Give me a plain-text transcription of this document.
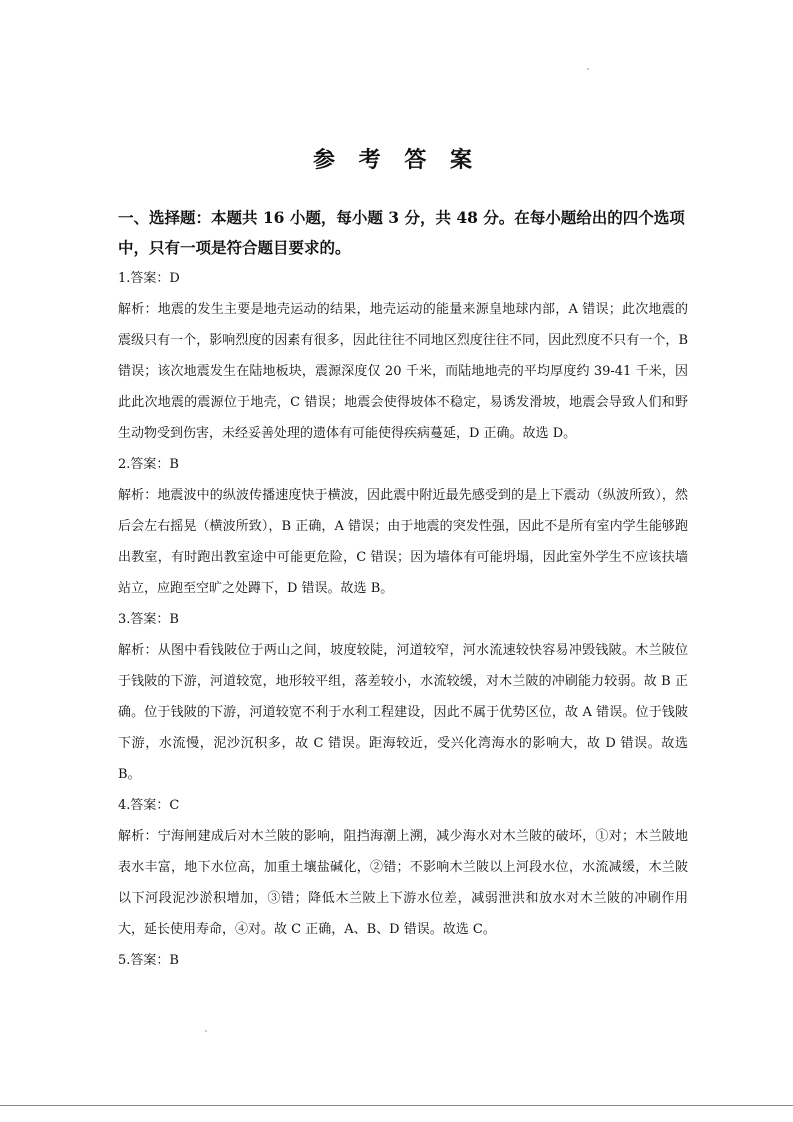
参 考 答 案
一、选择题：本题共 16 小题，每小题 3 分，共 48 分。在每小题给出的四个选项中，只有一项是符合题目要求的。

1.答案：D

解析：地震的发生主要是地壳运动的结果，地壳运动的能量来源皇地球内部，A 错误；此次地震的震级只有一个，影响烈度的因素有很多，因此往往不同地区烈度往往不同，因此烈度不只有一个，B 错误；该次地震发生在陆地板块，震源深度仅 20 千米，而陆地地壳的平均厚度约 39-41 千米，因此此次地震的震源位于地壳，C 错误；地震会使得坡体不稳定，易诱发滑坡，地震会导致人们和野生动物受到伤害，未经妥善处理的遗体有可能使得疾病蔓延，D 正确。故选 D。

2.答案：B

解析：地震波中的纵波传播速度快于横波，因此震中附近最先感受到的是上下震动（纵波所致），然后会左右摇晃（横波所致），B 正确，A 错误；由于地震的突发性强，因此不是所有室内学生能够跑出教室，有时跑出教室途中可能更危险，C 错误；因为墙体有可能坍塌，因此室外学生不应该扶墙站立，应跑至空旷之处蹲下，D 错误。故选 B。

3.答案：B

解析：从图中看钱陂位于两山之间，坡度较陡，河道较窄，河水流速较快容易冲毁钱陂。木兰陂位于钱陂的下游，河道较宽，地形较平组，落差较小，水流较缓，对木兰陂的冲刷能力较弱。故 B 正确。位于钱陂的下游，河道较宽不利于水利工程建设，因此不属于优势区位，故 A 错误。位于钱陂下游，水流慢，泥沙沉积多，故 C 错误。距海较近，受兴化湾海水的影响大，故 D 错误。故选 B。

4.答案：C

解析：宁海闸建成后对木兰陂的影响，阻挡海潮上溯，减少海水对木兰陂的破坏，①对；木兰陂地表水丰富，地下水位高，加重土壤盐碱化，②错；不影响木兰陂以上河段水位，水流减缓，木兰陂以下河段泥沙淤积增加，③错；降低木兰陂上下游水位差，减弱泄洪和放水对木兰陂的冲刷作用大，延长使用寿命，④对。故 C 正确，A、B、D 错误。故选 C。

5.答案：B
